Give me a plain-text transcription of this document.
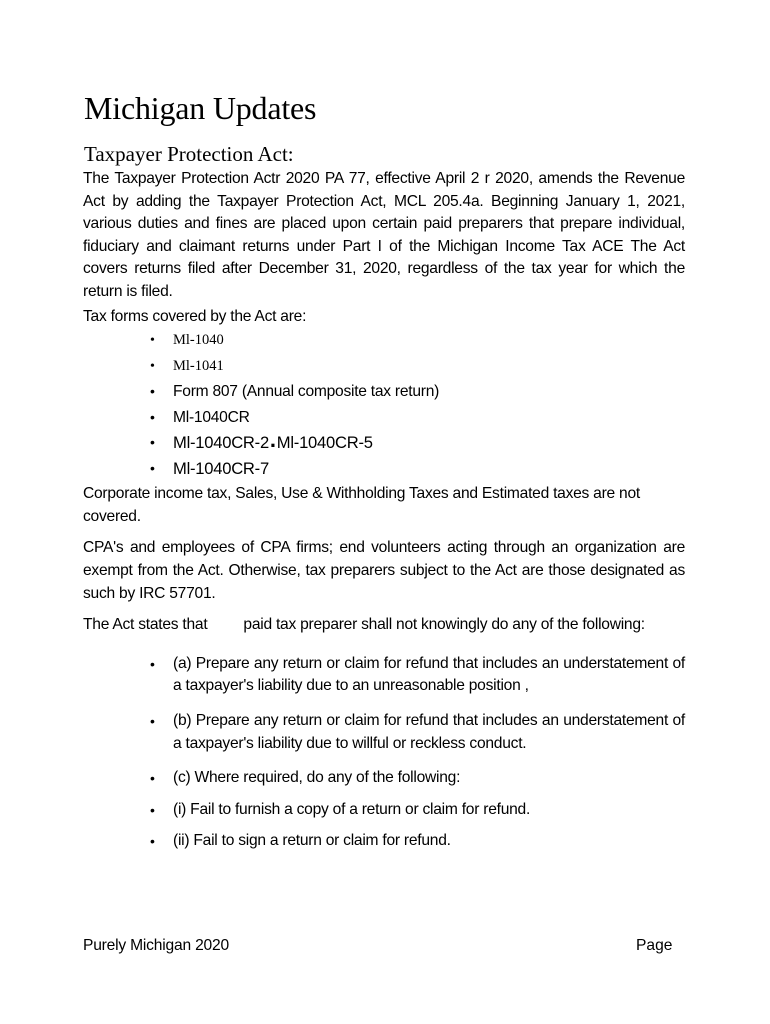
Michigan Updates
Taxpayer Protection Act:

The Taxpayer Protection Actr 2020 PA 77, effective April 2 r 2020, amends the Revenue Act by adding the Taxpayer Protection Act, MCL 205.4a. Beginning January 1, 2021, various duties and fines are placed upon certain paid preparers that prepare individual, fiduciary and claimant returns under Part I of the Michigan Income Tax ACE The Act covers returns filed after December 31, 2020, regardless of the tax year for which the return is filed.

Tax forms covered by the Act are:

• Ml-1040
• Ml-1041
• Form 807 (Annual composite tax return)
• Ml-1040CR
• Ml-1040CR-2.Ml-1040CR-5
• Ml-1040CR-7

Corporate income tax, Sales, Use & Withholding Taxes and Estimated taxes are not covered.

CPA's and employees of CPA firms; end volunteers acting through an organization are exempt from the Act. Otherwise, tax preparers subject to the Act are those designated as such by IRC 57701.

The Act states that paid tax preparer shall not knowingly do any of the following:

• (a) Prepare any return or claim for refund that includes an understatement of a taxpayer's liability due to an unreasonable position ,
• (b) Prepare any return or claim for refund that includes an understatement of a taxpayer's liability due to willful or reckless conduct.
• (c) Where required, do any of the following:
• (i) Fail to furnish a copy of a return or claim for refund.
• (ii) Fail to sign a return or claim for refund.
Purely Michigan 2020	Page
